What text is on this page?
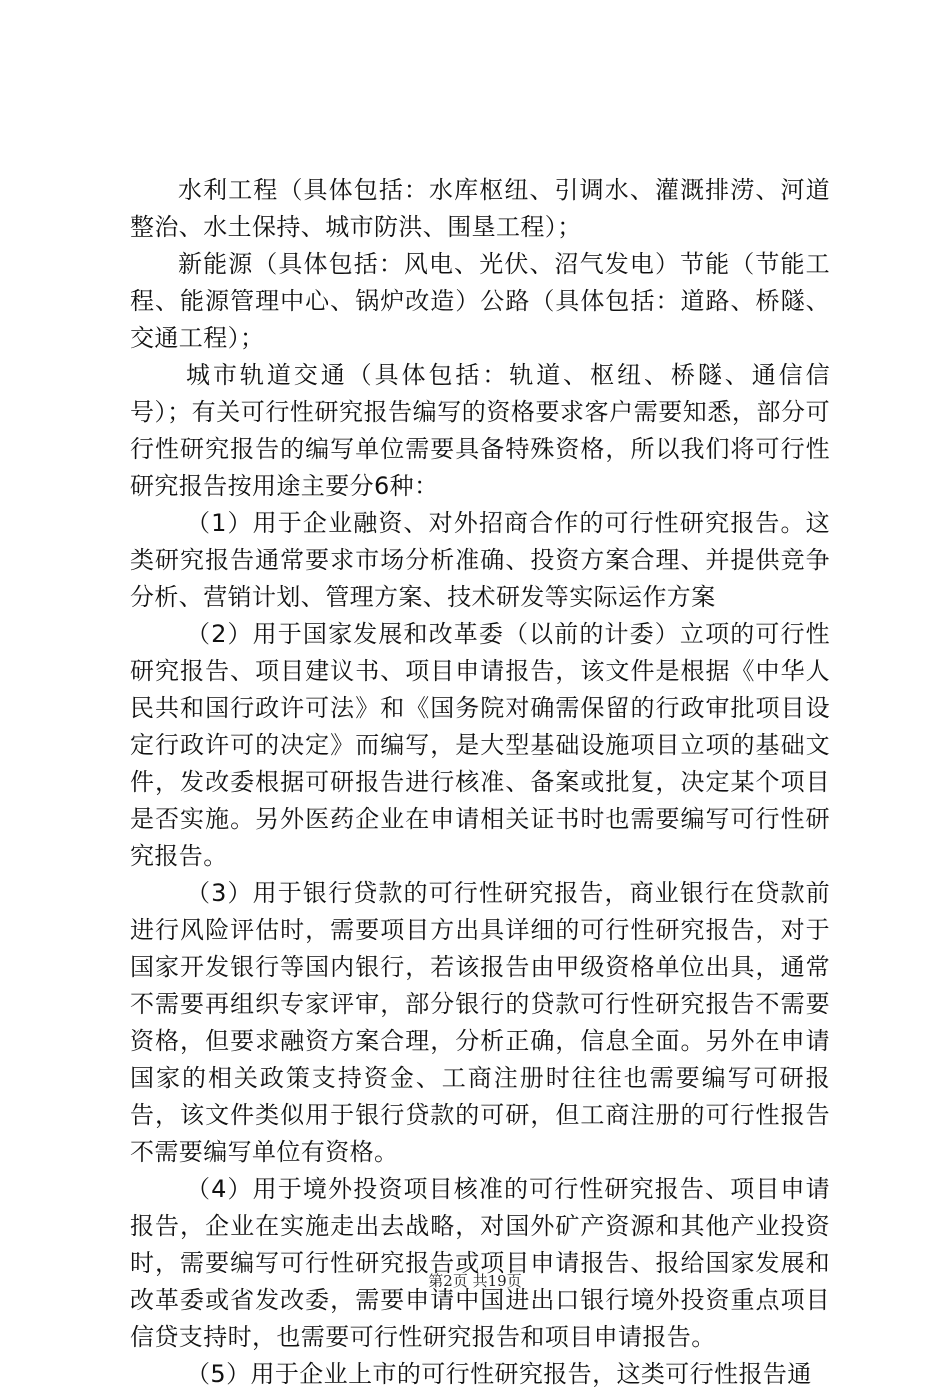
水利工程（具体包括：水库枢纽、引调水、灌溉排涝、河道整治、水土保持、城市防洪、围垦工程）；

新能源（具体包括：风电、光伏、沼气发电）节能（节能工程、能源管理中心、锅炉改造）公路（具体包括：道路、桥隧、交通工程）；

城市轨道交通（具体包括：轨道、枢纽、桥隧、通信信号）；有关可行性研究报告编写的资格要求客户需要知悉，部分可行性研究报告的编写单位需要具备特殊资格，所以我们将可行性研究报告按用途主要分6种：

（1）用于企业融资、对外招商合作的可行性研究报告。这类研究报告通常要求市场分析准确、投资方案合理、并提供竞争分析、营销计划、管理方案、技术研发等实际运作方案

（2）用于国家发展和改革委（以前的计委）立项的可行性研究报告、项目建议书、项目申请报告，该文件是根据《中华人民共和国行政许可法》和《国务院对确需保留的行政审批项目设定行政许可的决定》而编写，是大型基础设施项目立项的基础文件，发改委根据可研报告进行核准、备案或批复，决定某个项目是否实施。另外医药企业在申请相关证书时也需要编写可行性研究报告。

（3）用于银行贷款的可行性研究报告，商业银行在贷款前进行风险评估时，需要项目方出具详细的可行性研究报告，对于国家开发银行等国内银行，若该报告由甲级资格单位出具，通常不需要再组织专家评审，部分银行的贷款可行性研究报告不需要资格，但要求融资方案合理，分析正确，信息全面。另外在申请国家的相关政策支持资金、工商注册时往往也需要编写可研报告，该文件类似用于银行贷款的可研，但工商注册的可行性报告不需要编写单位有资格。

（4）用于境外投资项目核准的可行性研究报告、项目申请报告，企业在实施走出去战略，对国外矿产资源和其他产业投资时，需要编写可行性研究报告或项目申请报告、报给国家发展和改革委或省发改委，需要申请中国进出口银行境外投资重点项目信贷支持时，也需要可行性研究报告和项目申请报告。

（5）用于企业上市的可行性研究报告，这类可行性报告通

第2页 共19页
